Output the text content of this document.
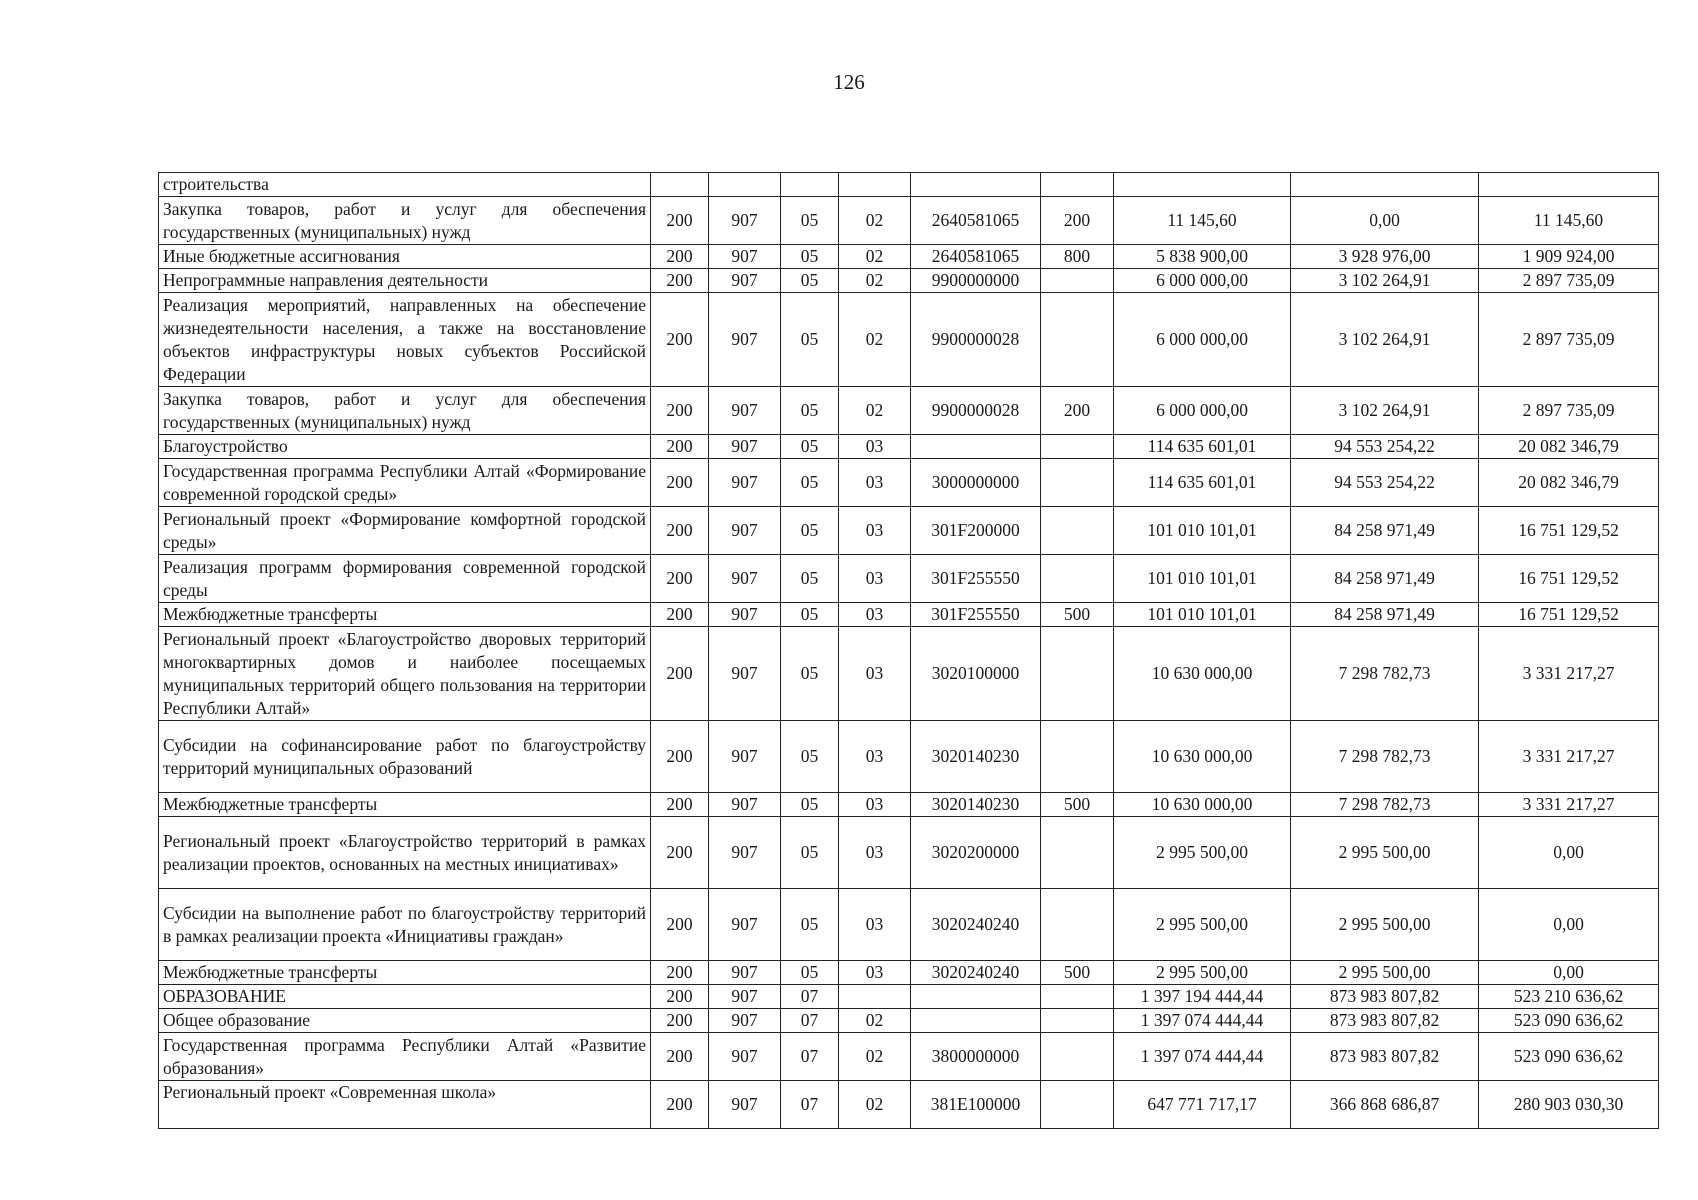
126
строительства									
Закупка товаров, работ и услуг для обеспечения государственных (муниципальных) нужд	200	907	05	02	2640581065	200	11 145,60	0,00	11 145,60
Иные бюджетные ассигнования	200	907	05	02	2640581065	800	5 838 900,00	3 928 976,00	1 909 924,00
Непрограммные направления деятельности	200	907	05	02	9900000000		6 000 000,00	3 102 264,91	2 897 735,09
Реализация мероприятий, направленных на обеспечение жизнедеятельности населения, а также на восстановление объектов инфраструктуры новых субъектов Российской Федерации	200	907	05	02	9900000028		6 000 000,00	3 102 264,91	2 897 735,09
Закупка товаров, работ и услуг для обеспечения государственных (муниципальных) нужд	200	907	05	02	9900000028	200	6 000 000,00	3 102 264,91	2 897 735,09
Благоустройство	200	907	05	03			114 635 601,01	94 553 254,22	20 082 346,79
Государственная программа Республики Алтай «Формирование современной городской среды»	200	907	05	03	3000000000		114 635 601,01	94 553 254,22	20 082 346,79
Региональный проект «Формирование комфортной городской среды»	200	907	05	03	301F200000		101 010 101,01	84 258 971,49	16 751 129,52
Реализация программ формирования современной городской среды	200	907	05	03	301F255550		101 010 101,01	84 258 971,49	16 751 129,52
Межбюджетные трансферты	200	907	05	03	301F255550	500	101 010 101,01	84 258 971,49	16 751 129,52
Региональный проект «Благоустройство дворовых территорий многоквартирных домов и наиболее посещаемых муниципальных территорий общего пользования на территории Республики Алтай»	200	907	05	03	3020100000		10 630 000,00	7 298 782,73	3 331 217,27
Субсидии на софинансирование работ по благоустройству территорий муниципальных образований	200	907	05	03	3020140230		10 630 000,00	7 298 782,73	3 331 217,27
Межбюджетные трансферты	200	907	05	03	3020140230	500	10 630 000,00	7 298 782,73	3 331 217,27
Региональный проект «Благоустройство территорий в рамках реализации проектов, основанных на местных инициативах»	200	907	05	03	3020200000		2 995 500,00	2 995 500,00	0,00
Субсидии на выполнение работ по благоустройству территорий в рамках реализации проекта «Инициативы граждан»	200	907	05	03	3020240240		2 995 500,00	2 995 500,00	0,00
Межбюджетные трансферты	200	907	05	03	3020240240	500	2 995 500,00	2 995 500,00	0,00
ОБРАЗОВАНИЕ	200	907	07				1 397 194 444,44	873 983 807,82	523 210 636,62
Общее образование	200	907	07	02			1 397 074 444,44	873 983 807,82	523 090 636,62
Государственная программа Республики Алтай «Развитие образования»	200	907	07	02	3800000000		1 397 074 444,44	873 983 807,82	523 090 636,62
Региональный проект «Современная школа»	200	907	07	02	381E100000		647 771 717,17	366 868 686,87	280 903 030,30
